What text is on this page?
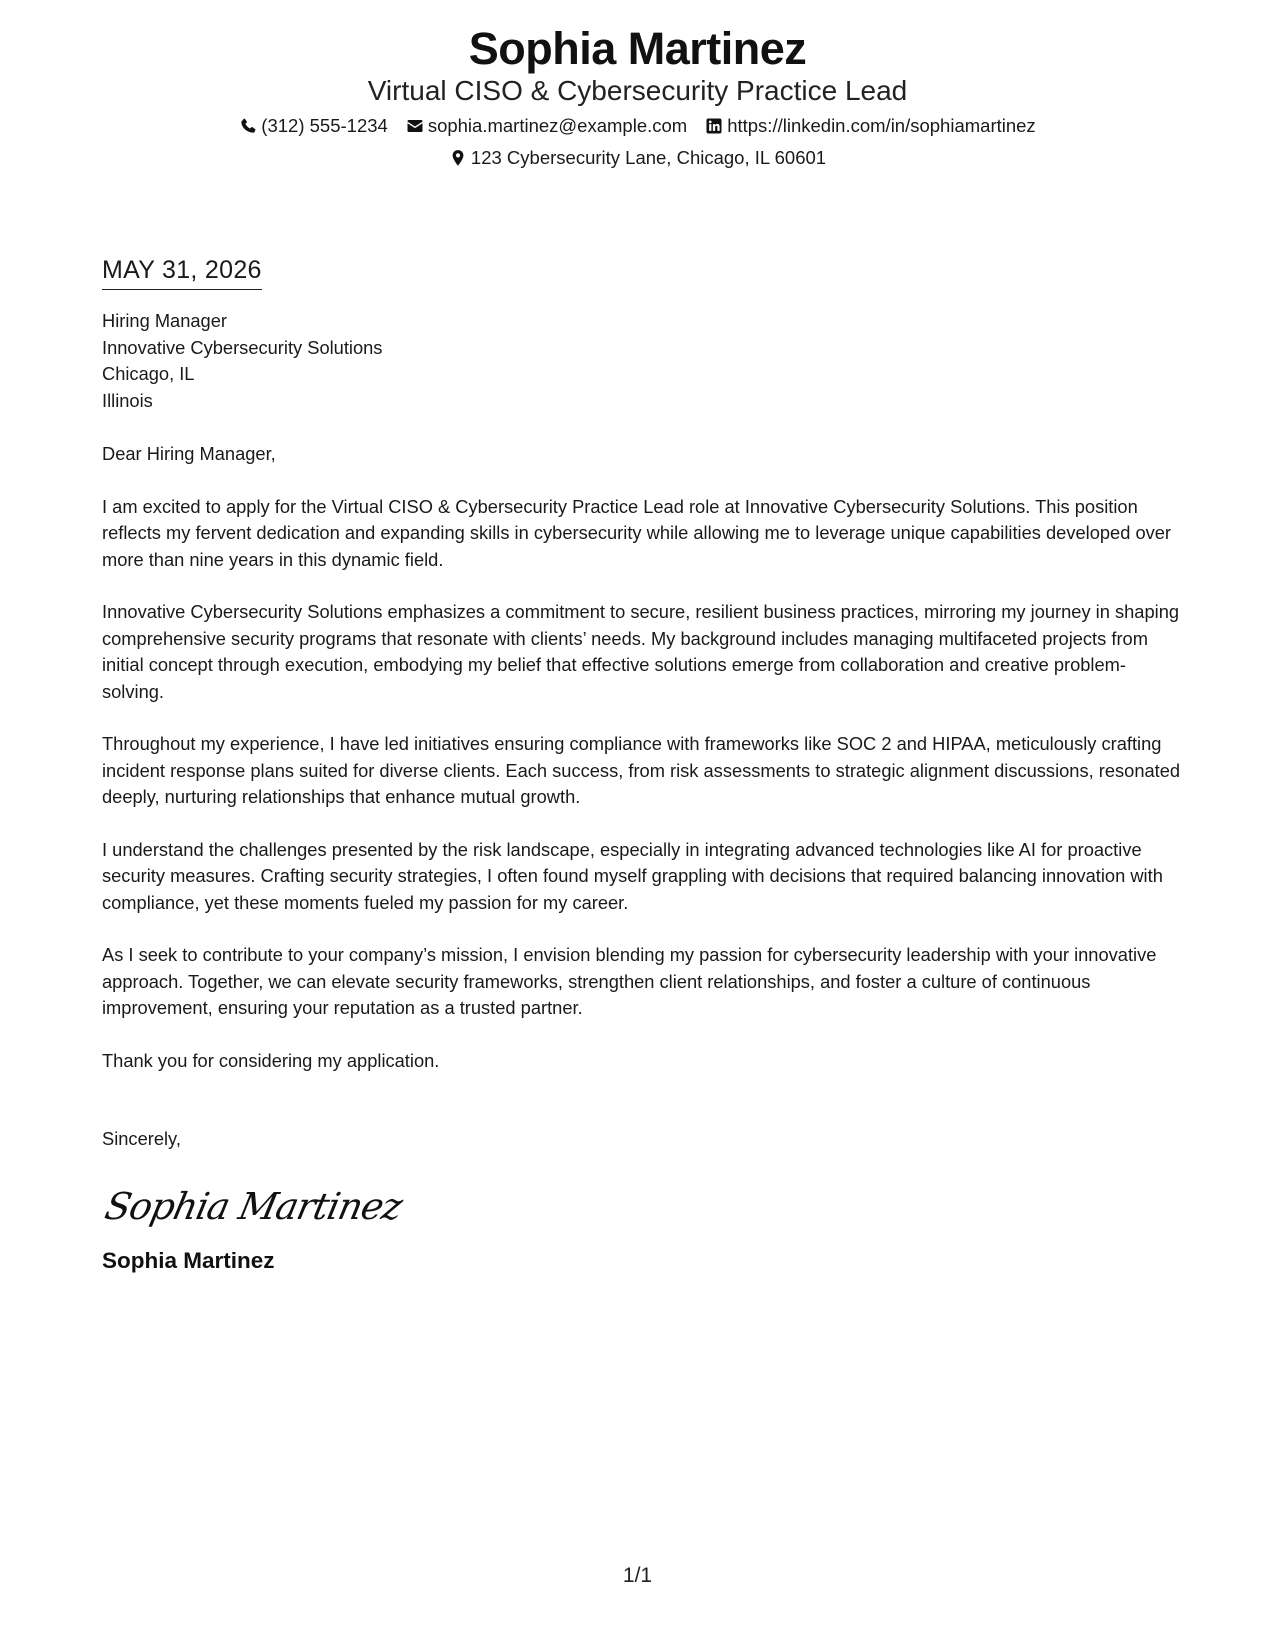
Sophia Martinez
Virtual CISO & Cybersecurity Practice Lead
(312) 555-1234 sophia.martinez@example.com https://linkedin.com/in/sophiamartinez
123 Cybersecurity Lane, Chicago, IL 60601
MAY 31, 2026
Hiring Manager
Innovative Cybersecurity Solutions
Chicago, IL
Illinois
Dear Hiring Manager,
I am excited to apply for the Virtual CISO & Cybersecurity Practice Lead role at Innovative Cybersecurity Solutions. This position reflects my fervent dedication and expanding skills in cybersecurity while allowing me to leverage unique capabilities developed over more than nine years in this dynamic field.
Innovative Cybersecurity Solutions emphasizes a commitment to secure, resilient business practices, mirroring my journey in shaping comprehensive security programs that resonate with clients’ needs. My background includes managing multifaceted projects from initial concept through execution, embodying my belief that effective solutions emerge from collaboration and creative problem-solving.
Throughout my experience, I have led initiatives ensuring compliance with frameworks like SOC 2 and HIPAA, meticulously crafting incident response plans suited for diverse clients. Each success, from risk assessments to strategic alignment discussions, resonated deeply, nurturing relationships that enhance mutual growth.
I understand the challenges presented by the risk landscape, especially in integrating advanced technologies like AI for proactive security measures. Crafting security strategies, I often found myself grappling with decisions that required balancing innovation with compliance, yet these moments fueled my passion for my career.
As I seek to contribute to your company’s mission, I envision blending my passion for cybersecurity leadership with your innovative approach. Together, we can elevate security frameworks, strengthen client relationships, and foster a culture of continuous improvement, ensuring your reputation as a trusted partner.
Thank you for considering my application.
Sincerely,
Sophia Martinez
Sophia Martinez
1/1
